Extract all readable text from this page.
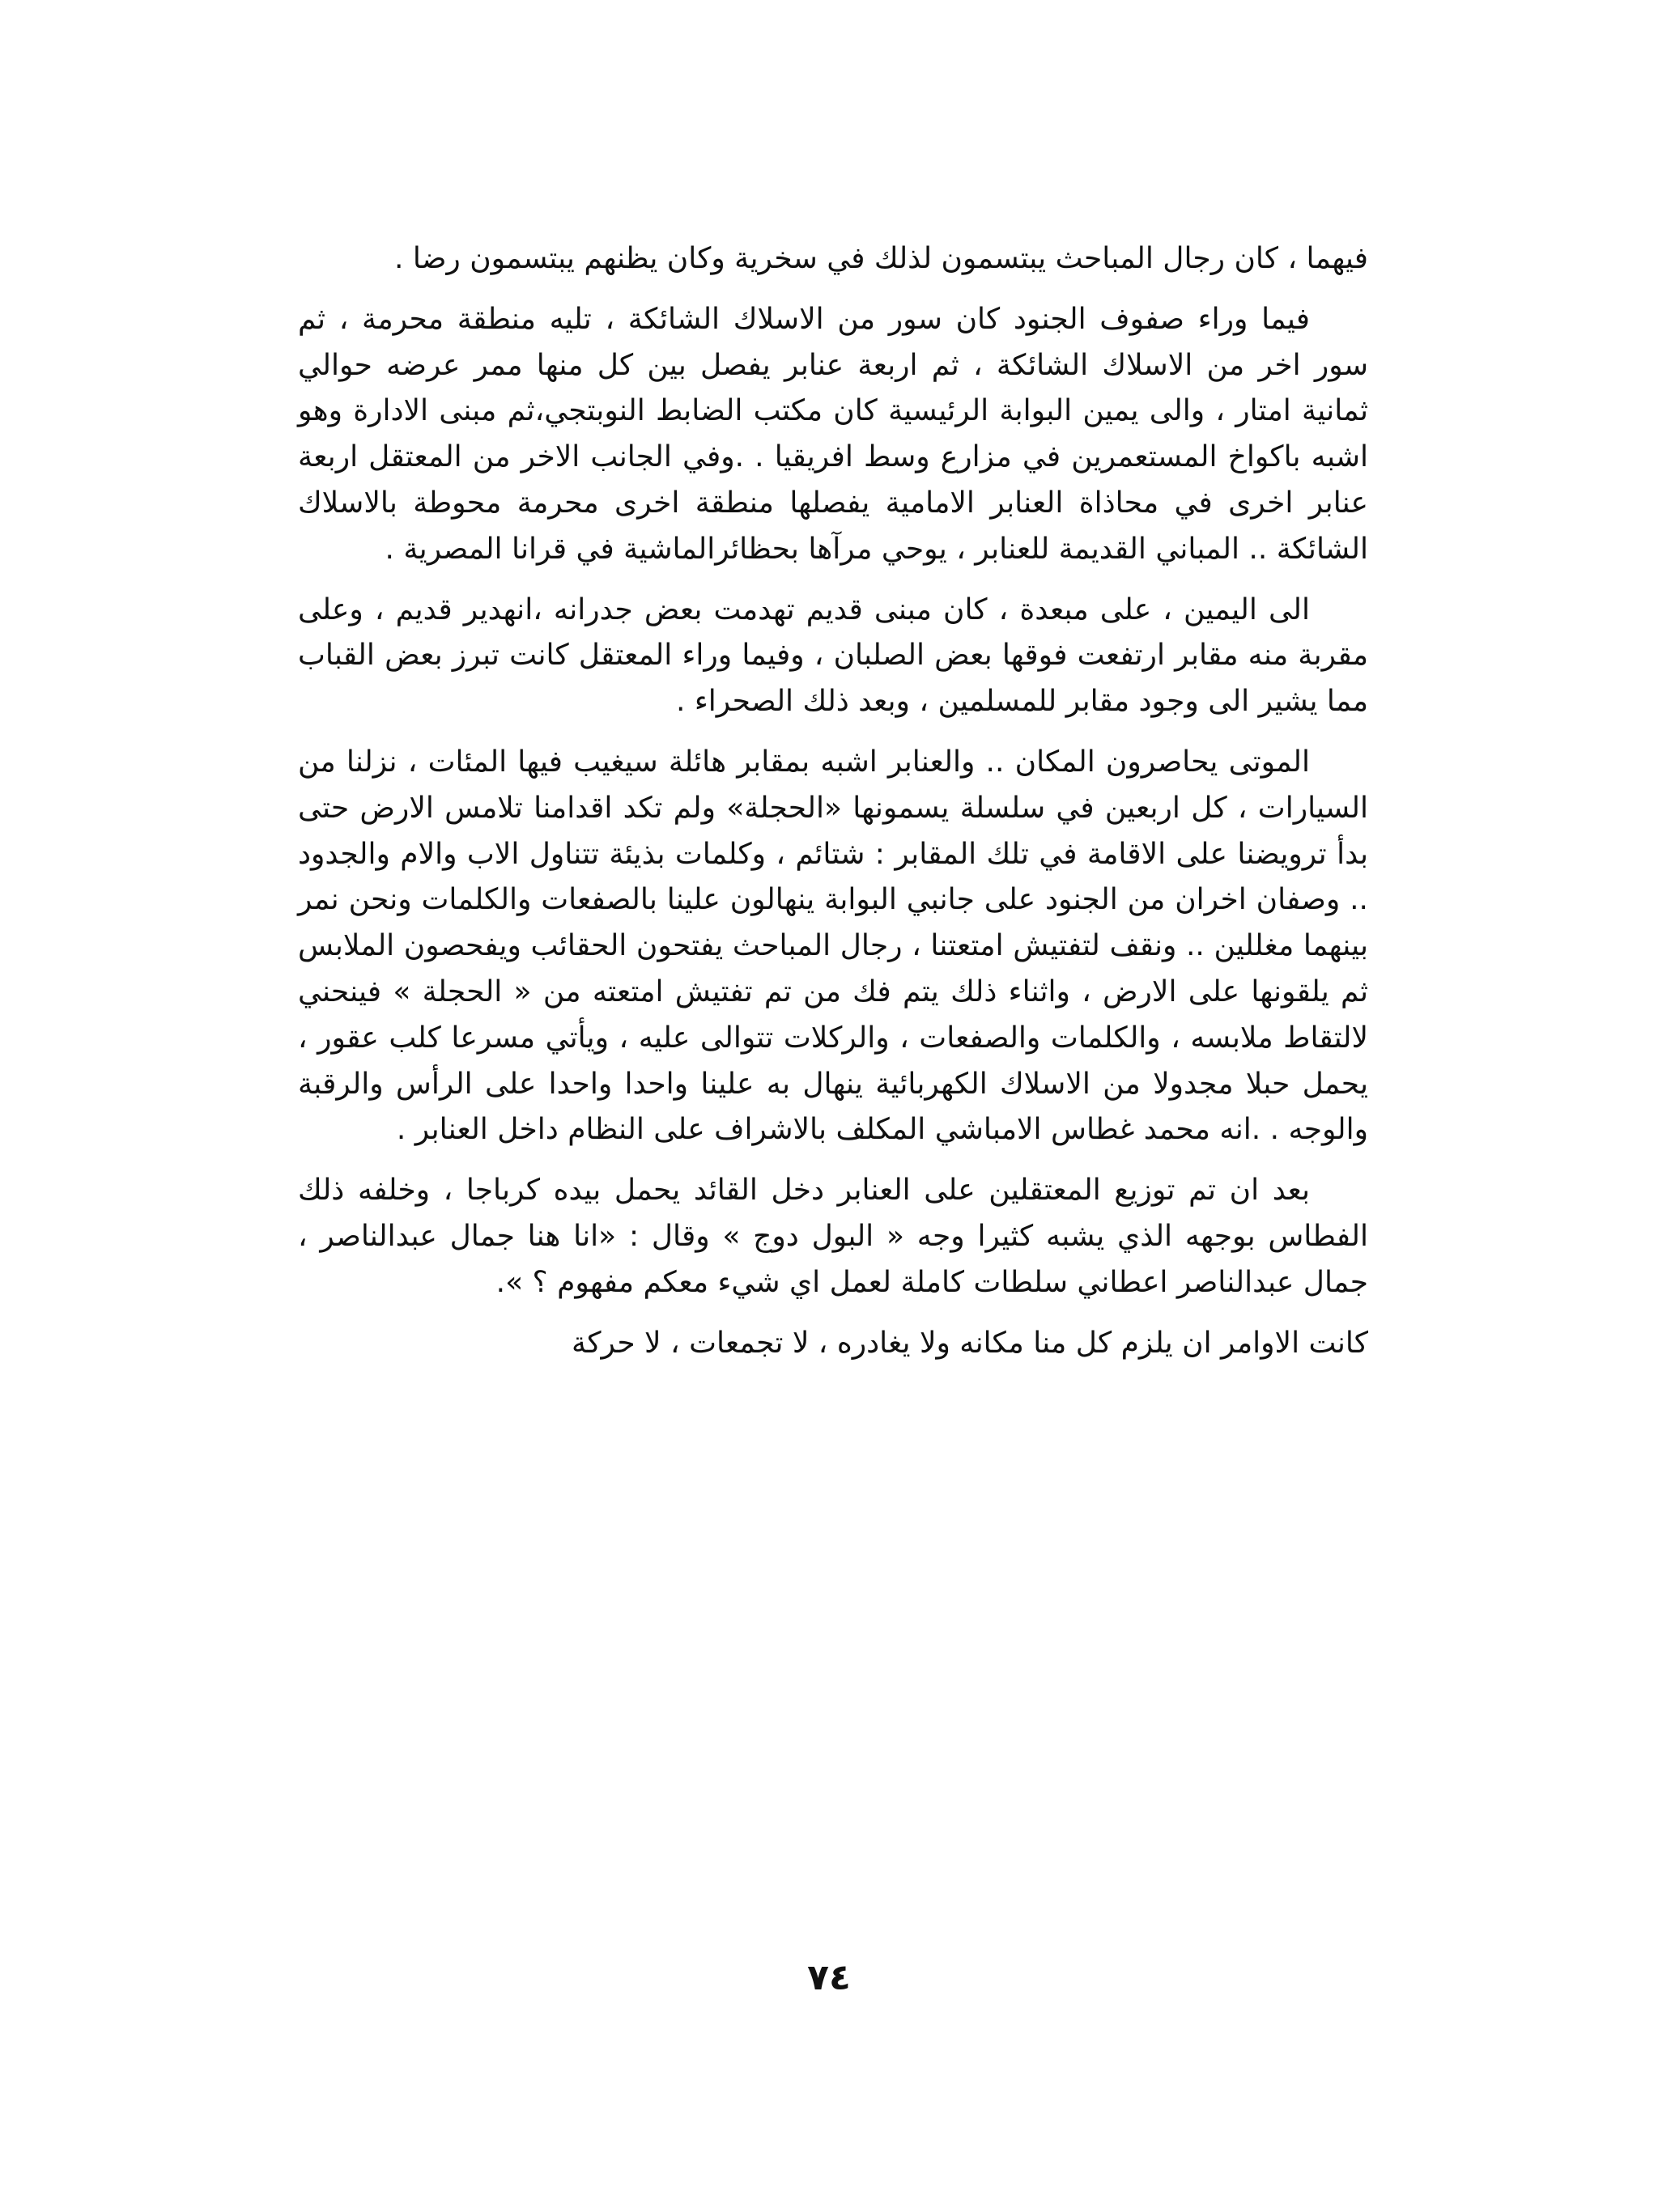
فيهما ، كان رجال المباحث يبتسمون لذلك في سخرية وكان يظنهم يبتسمون رضا .

فيما وراء صفوف الجنود كان سور من الاسلاك الشائكة ، تليه منطقة محرمة ، ثم سور اخر من الاسلاك الشائكة ، ثم اربعة عنابر يفصل بين كل منها ممر عرضه حوالي ثمانية امتار ، والى يمين البوابة الرئيسية كان مكتب الضابط النوبتجي،ثم مبنى الادارة وهو اشبه باكواخ المستعمرين في مزارع وسط افريقيا . .وفي الجانب الاخر من المعتقل اربعة عنابر اخرى في محاذاة العنابر الامامية يفصلها منطقة اخرى محرمة محوطة بالاسلاك الشائكة .. المباني القديمة للعنابر ، يوحي مرآها بحظائرالماشية في قرانا المصرية .

الى اليمين ، على مبعدة ، كان مبنى قديم تهدمت بعض جدرانه ،انهدير قديم ، وعلى مقربة منه مقابر ارتفعت فوقها بعض الصلبان ، وفيما وراء المعتقل كانت تبرز بعض القباب مما يشير الى وجود مقابر للمسلمين ، وبعد ذلك الصحراء .

الموتى يحاصرون المكان .. والعنابر اشبه بمقابر هائلة سيغيب فيها المئات ، نزلنا من السيارات ، كل اربعين في سلسلة يسمونها «الحجلة» ولم تكد اقدامنا تلامس الارض حتى بدأ ترويضنا على الاقامة في تلك المقابر : شتائم ، وكلمات بذيئة تتناول الاب والام والجدود .. وصفان اخران من الجنود على جانبي البوابة ينهالون علينا بالصفعات والكلمات ونحن نمر بينهما مغللين .. ونقف لتفتيش امتعتنا ، رجال المباحث يفتحون الحقائب ويفحصون الملابس ثم يلقونها على الارض ، واثناء ذلك يتم فك من تم تفتيش امتعته من « الحجلة » فينحني لالتقاط ملابسه ، والكلمات والصفعات ، والركلات تتوالى عليه ، ويأتي مسرعا كلب عقور ، يحمل حبلا مجدولا من الاسلاك الكهربائية ينهال به علينا واحدا واحدا على الرأس والرقبة والوجه . .انه محمد غطاس الامباشي المكلف بالاشراف على النظام داخل العنابر .

بعد ان تم توزيع المعتقلين على العنابر دخل القائد يحمل بيده كرباجا ، وخلفه ذلك الفطاس بوجهه الذي يشبه كثيرا وجه « البول دوج » وقال : «انا هنا جمال عبدالناصر ، جمال عبدالناصر اعطاني سلطات كاملة لعمل اي شيء معكم مفهوم ؟ ».

كانت الاوامر ان يلزم كل منا مكانه ولا يغادره ، لا تجمعات ، لا حركة

٧٤
